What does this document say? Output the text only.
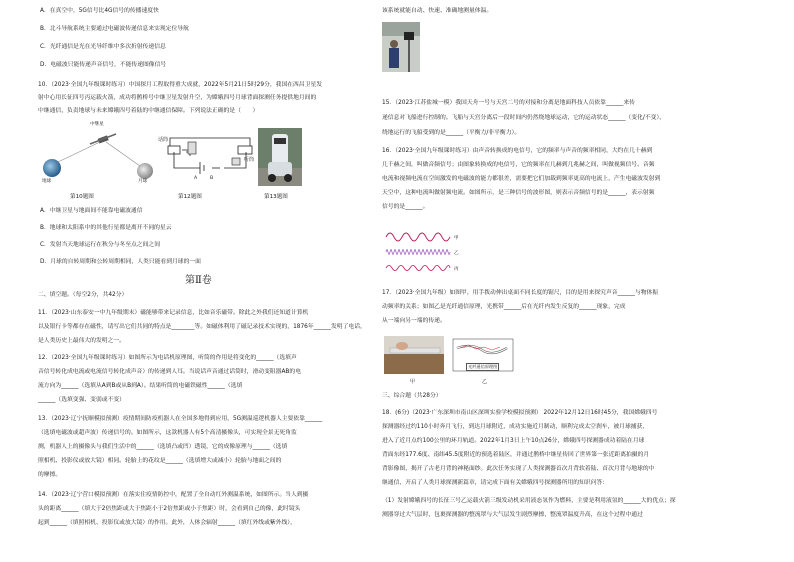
A．在真空中，5G信号比4G信号的传播速度快
B．北斗导航系统主要通过电磁波传递信息来实现定位导航
C．光纤通信是光在光导纤维中多次折射传递信息
D．电磁波只能传递声音信号，不能传递图像信号
10．（2023·全国九年级课时练习）中国探月工程取得重大成就，2022年5月21日5时29分，我国在西昌卫星发
射中心用长征四号丙运载火箭，成功将鹊桥号中继卫星发射升空，为嫦娥四号月球背面探测任务提供地月间的
中继通信，负责地球与未来嫦娥四号着陆的中继通信保障。下列说法正确的是（　　）
中继星
地球	月球
话筒
听筒
A	B
第10题图	第12题图	第13题图
A．中继卫星与地面间不能靠电磁波通信
B．地球和太阳系中的其他行星都是离开不同的星云
C．发射当天地球运行在秋分与冬至点之间之间
D．月球的自转周期和公转周期相同，人类只能看到月球的一面
第Ⅱ卷
二、填空题。（每空2分，共42分）
11．（2023·山东泰安一中九年级期末）磁能够带来记录信息，比如音乐磁带。除此之外我们还知道计算机
以及银行卡等都存在磁性，请写出它们共同的特点是________等。如磁体利用了磁记录技术实现的，1876年______发明了电话，
是人类历史上最伟大的发明之一。
12．（2023·全国九年级课时练习）如图所示为电话机原理图，听筒的作用是将变化的______（选填声
音信号转化成电流或电流信号转化成声音）的传递到人耳。当说话声音通过话筒时，滑动变阻器AB的电
流方向为______（选填从A到B或从B到A）。结果听筒的电磁铁磁性______（选填
______（选填变强、变弱或不变）
13．（2023·辽宁抚顺模拟预测）疫情期间防疫机器人在全国多地得到应用，5G测温巡逻机器人主要依靠______
（选填电磁波或超声波）传递信号的。如图所示，这款机器人有5个高清摄像头，可实现全景无死角监
测，机器人上的摄像头与我们生活中的______（选填凸或凹）透镜，它的成像原理与______（选填
照相机、投影仪或放大镜）相同。轮胎上的花纹是______（选填增大或减小）轮胎与地面之间的
的摩擦。
14．（2023·辽宁营口模拟预测）在落实住疫情防控中，配置了全自动红外测温系统，如图所示。当人到摄
头的距离______（填大于2倍焦距或大于焦距小于2倍焦距或小于焦距）时，会看到自己的像，此时镜头
起到______（填照相机、投影仪或放大镜）的作用。此外，人体会辐射______（填红外线或紫外线），
该系统就能自动、快速、准确地测量体温。
15．（2023·江苏盐城一模）我国天舟一号与天宫二号的对接和分离是地面科技人员依靠______来传
递信息对飞船进行控制的。飞船与天宫分离后一段时间内仍然绕地球运动，它的运动状态______（变化/不变），
绕地运行的飞船受到的是______（平衡力/非平衡力）。
16．（2023·全国九年级课时练习）由声音转换成的电信号，它的频率与声音的频率相同，大约在几十赫到
几千赫之间，叫做音频信号；由图象转换成的电信号，它的频率在几赫到几兆赫之间，叫做视频信号。音频
电流和视频电流在空间激发的电磁波的能力都很差，需要把它们加载到频率更高的电流上，产生电磁波发射到
天空中，这种电流叫做射频电流。如图所示，是三种信号的波形图，则表示音频信号的是______，表示射频
信号的是______。
甲
乙
丙
17．（2023·全国九年级）如图甲，用手拨动伸出桌面不同长度的锯尺，目的是用来探究声音______与物体振
动频率的关系；如图乙是光纤通信原理，光携带______后在光纤内发生反复的______现象，完成
从一端向另一端的传递。
光纤通信原理图
甲	乙
三、综合题（共28分）
18．(6分)（2023·广东深圳市南山区深圳实验学校模拟预测） 2022年12月12日16时45分，我国嫦娥四号
探测器经过约110小时奔月飞行，到达月球附近，成功实施近月制动，顺利完成太空刹车，被月球捕获，
进入了近月点约100公里的环月轨道。2022年1月3日上午10点26分，嫦娥四号探测器成功着陆在月球
背面东经177.6度、南纬45.5度附近的预选着陆区，并通过鹊桥中继星传回了世界第一张近距离拍摄的月
背影像图，揭开了古老月背的神秘面纱。此次任务实现了人类探测器首次月背软着陆、首次月背与地球的中
继通信，开启了人类月球探测新篇章，请完成下面有关嫦娥四号探测器所用的知识问答：
（1）发射嫦娥四号的长征三号乙运载火箭三级发动机采用液态氢作为燃料，主要是利用液氢的______大的优点；探
测器穿过大气层时，包裹探测器的整流罩与大气层发生剧烈摩擦，整流罩温度升高，在这个过程中通过
